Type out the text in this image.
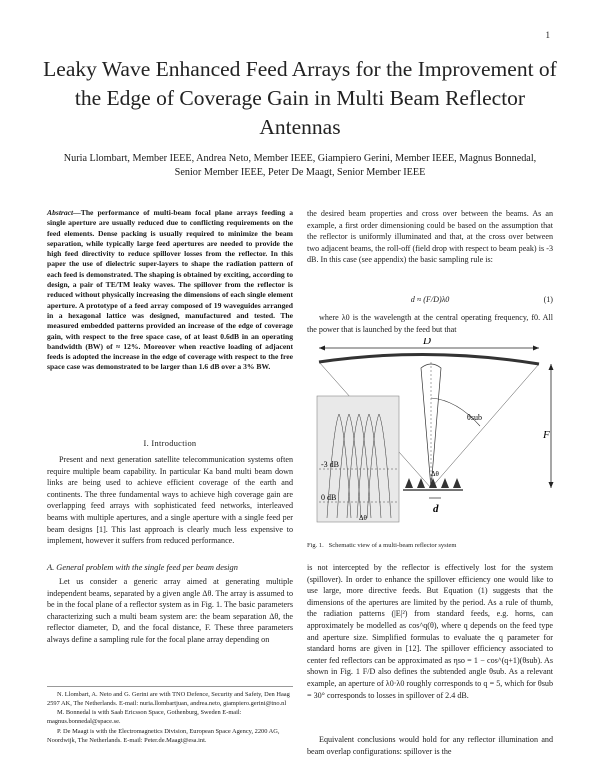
1
Leaky Wave Enhanced Feed Arrays for the Improvement of the Edge of Coverage Gain in Multi Beam Reflector Antennas
Nuria Llombart, Member IEEE, Andrea Neto, Member IEEE, Giampiero Gerini, Member IEEE, Magnus Bonnedal, Senior Member IEEE, Peter De Maagt, Senior Member IEEE
Abstract—The performance of multi-beam focal plane arrays feeding a single aperture are usually reduced due to conflicting requirements on the feed elements. Dense packing is usually required to minimize the beam separation, while typically large feed apertures are needed to provide the high feed directivity to reduce spillover losses from the reflector. In this paper the use of dielectric super-layers to shape the radiation pattern of each feed is demonstrated. The shaping is obtained by exciting, according to design, a pair of TE/TM leaky waves. The spillover from the reflector is reduced without physically increasing the dimensions of each single element aperture. A prototype of a feed array composed of 19 waveguides arranged in a hexagonal lattice was designed, manufactured and tested. The measured embedded patterns provided an increase of the edge of coverage gain, with respect to the free space case, of at least 0.6dB in an operating bandwidth (BW) of ≈ 12%. Moreover when reactive loading of adjacent feeds is adopted the increase in the edge of coverage with respect to the free space case was demonstrated to be larger than 1.6 dB over a 3% BW.
I. Introduction

Present and next generation satellite telecommunication systems often require multiple beam capability. In particular Ka band multi beam down links are being used to achieve efficient coverage of the earth and continents. The three fundamental ways to achieve high coverage gain are overlapping feed arrays with sophisticated feed networks, interleaved beams with multiple apertures, and a single aperture with a single feed per beam designs [1]. This last approach is clearly much less expensive to implement, however it suffers from reduced performance.

A. General problem with the single feed per beam design

Let us consider a generic array aimed at generating multiple independent beams, separated by a given angle Δθ. The array is assumed to be in the focal plane of a reflector system as in Fig. 1. The basic parameters characterizing such a multi beam system are: the beam separation Δθ, the reflector diameter, D, and the focal distance, F. These three parameters always define a sampling rule for the focal plane array depending on

N. Llombart, A. Neto and G. Gerini are with TNO Defence, Security and Safety, Den Haag 2597 AK, The Netherlands. E-mail: nuria.llombartjuan, andrea.neto, giampiero.gerini@tno.nl

M. Bonnedal is with Saab Ericsson Space, Gothenburg, Sweden E-mail: magnus.bonnedal@space.se.

P. De Maagt is with the Electromagnetics Division, European Space Agency, 2200 AG, Noordwijk, The Netherlands. E-mail: Peter.de.Maagt@esa.int.

the desired beam properties and cross over between the beams. As an example, a first order dimensioning could be based on the assumption that the reflector is uniformly illuminated and that, at the cross over between two adjacent beams, the roll-off (field drop with respect to beam peak) is -3 dB. In this case (see appendix) the basic sampling rule is:

d ≈ (F/D)λ0	(1)

where λ0 is the wavelength at the central operating frequency, f0. All the power that is launched by the feed but that

D
θsub
F
-3 dB
0 dB
Δθ
Δθ
d
Fig. 1. Schematic view of a multi-beam reflector system

is not intercepted by the reflector is effectively lost for the system (spillover). In order to enhance the spillover efficiency one would like to use large, more directive feeds. But Equation (1) suggests that the dimensions of the apertures are limited by the period. As a rule of thumb, the radiation patterns (|E|²) from standard feeds, e.g. horns, can approximately be modelled as cos^q(θ), where q depends on the feed type and aperture size. Simplified formulas to evaluate the q parameter for standard horns are given in [12]. The spillover efficiency associated to center fed reflectors can be approximated as ηso = 1 − cos^(q+1)(θsub). As shown in Fig. 1 F/D also defines the subtended angle θsub. As a relevant example, an aperture of λ0·λ0 roughly corresponds to q = 5, which for θsub = 30° corresponds to losses in spillover of 2.4 dB.

Equivalent conclusions would hold for any reflector illumination and beam overlap configurations: spillover is the
